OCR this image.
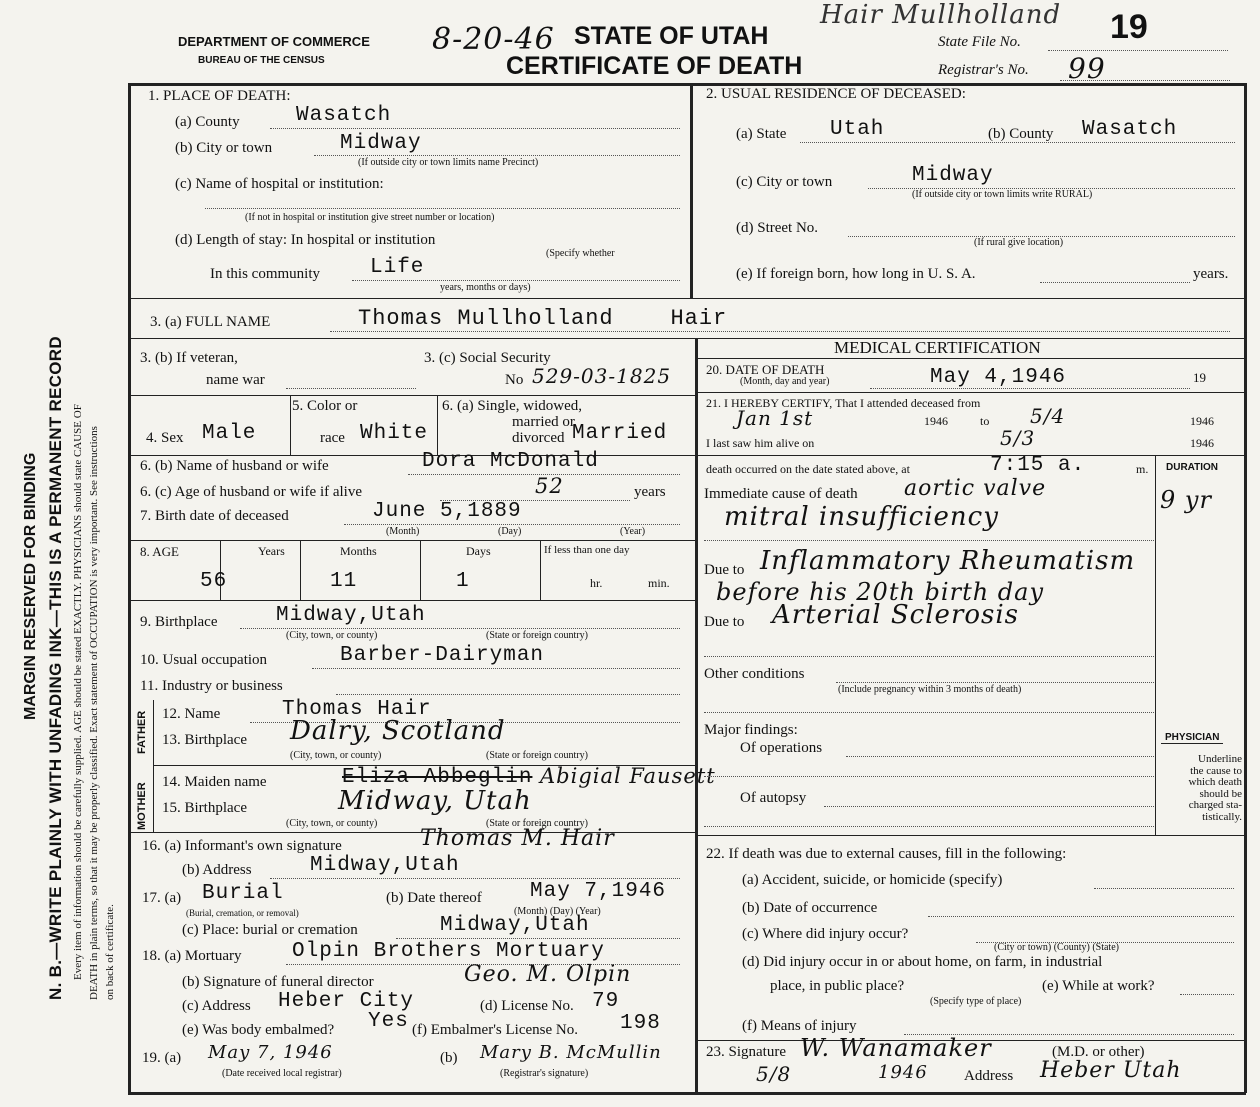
N. B.—WRITE PLAINLY WITH UNFADING INK—THIS IS A PERMANENT RECORD
MARGIN RESERVED FOR BINDING	Every item of information should be carefully supplied. AGE should be stated EXACTLY. PHYSICIANS should state CAUSE OF DEATH in plain terms, so that it may be properly classified. Exact statement of OCCUPATION is very important. See instructions on back of certificate.
DEPARTMENT OF COMMERCE
BUREAU OF THE CENSUS
8-20-46 STATE OF UTAH
CERTIFICATE OF DEATH
Hair Mullholland
State File No.	19
Registrar's No. 99
1. PLACE OF DEATH:
(a) County	Wasatch
(b) City or town	Midway
(If outside city or town limits name Precinct)
(c) Name of hospital or institution:
(If not in hospital or institution give street number or location)
(d) Length of stay: In hospital or institution
(Specify whether
In this community Life
years, months or days)
2. USUAL RESIDENCE OF DECEASED:
(a) State Utah	(b) County Wasatch
(c) City or town	Midway
(If outside city or town limits write RURAL)
(d) Street No.
(If rural give location)
(e) If foreign born, how long in U. S. A.	years.
3. (a) FULL NAME	Thomas Mullholland    Hair
3. (b) If veteran,
name war
3. (c) Social Security
No 529-03-1825
4. Sex Male
5. Color or
race White
6. (a) Single, widowed,
married or
divorced Married
6. (b) Name of husband or wife	Dora McDonald
6. (c) Age of husband or wife if alive	52	years
7. Birth date of deceased	June 5,1889
(Month)	(Day)	(Year)
8. AGE	Years	Months	Days	If less than one day
56	11	1	hr.	min.
9. Birthplace	Midway,Utah
(City, town, or county)	(State or foreign country)
10. Usual occupation	Barber-Dairyman
11. Industry or business
FATHER
MOTHER
12. Name	Thomas Hair
13. Birthplace Dalry, Scotland
(City, town, or county)	(State or foreign country)
14. Maiden name	Eliza Abbeglin Abigial Fausett
15. Birthplace	Midway, Utah
(City, town, or county)	(State or foreign country)
16. (a) Informant's own signature	Thomas M. Hair
(b) Address	Midway,Utah
17. (a) Burial
(Burial, cremation, or removal)
(b) Date thereof May 7,1946
(Month) (Day) (Year)
(c) Place: burial or cremation	Midway,Utah
18. (a) Mortuary Olpin Brothers Mortuary
(b) Signature of funeral director	Geo. M. Olpin
(c) Address Heber City	(d) License No. 79
(e) Was body embalmed? Yes (f) Embalmer's License No. 198
19. (a) May 7, 1946
(Date received local registrar)
(b) Mary B. McMullin
(Registrar's signature)
MEDICAL CERTIFICATION
20. DATE OF DEATH
(Month, day and year)	May 4,1946	19
21. I HEREBY CERTIFY, That I attended deceased from
Jan 1st	1946	to 5/4	1946
I last saw him alive on	5/3	1946
death occurred on the date stated above, at	7:15 a.	m. DURATION
Immediate cause of death aortic valve
mitral insufficiency
9 yr
Due to Inflammatory Rheumatism
before his 20th birth day
Due to Arterial Sclerosis
Other conditions
(Include pregnancy within 3 months of death)
Major findings:
Of operations
Of autopsy
PHYSICIAN
Underline
the cause to
which death
should be
charged sta-
tistically.
22. If death was due to external causes, fill in the following:
(a) Accident, suicide, or homicide (specify)
(b) Date of occurrence
(c) Where did injury occur?
(City or town) (County) (State)
(d) Did injury occur in or about home, on farm, in industrial
place, in public place?
(Specify type of place)
(e) While at work?
(f) Means of injury
23. Signature W. Wanamaker	(M.D. or other)
5/8	1946 Address Heber Utah
